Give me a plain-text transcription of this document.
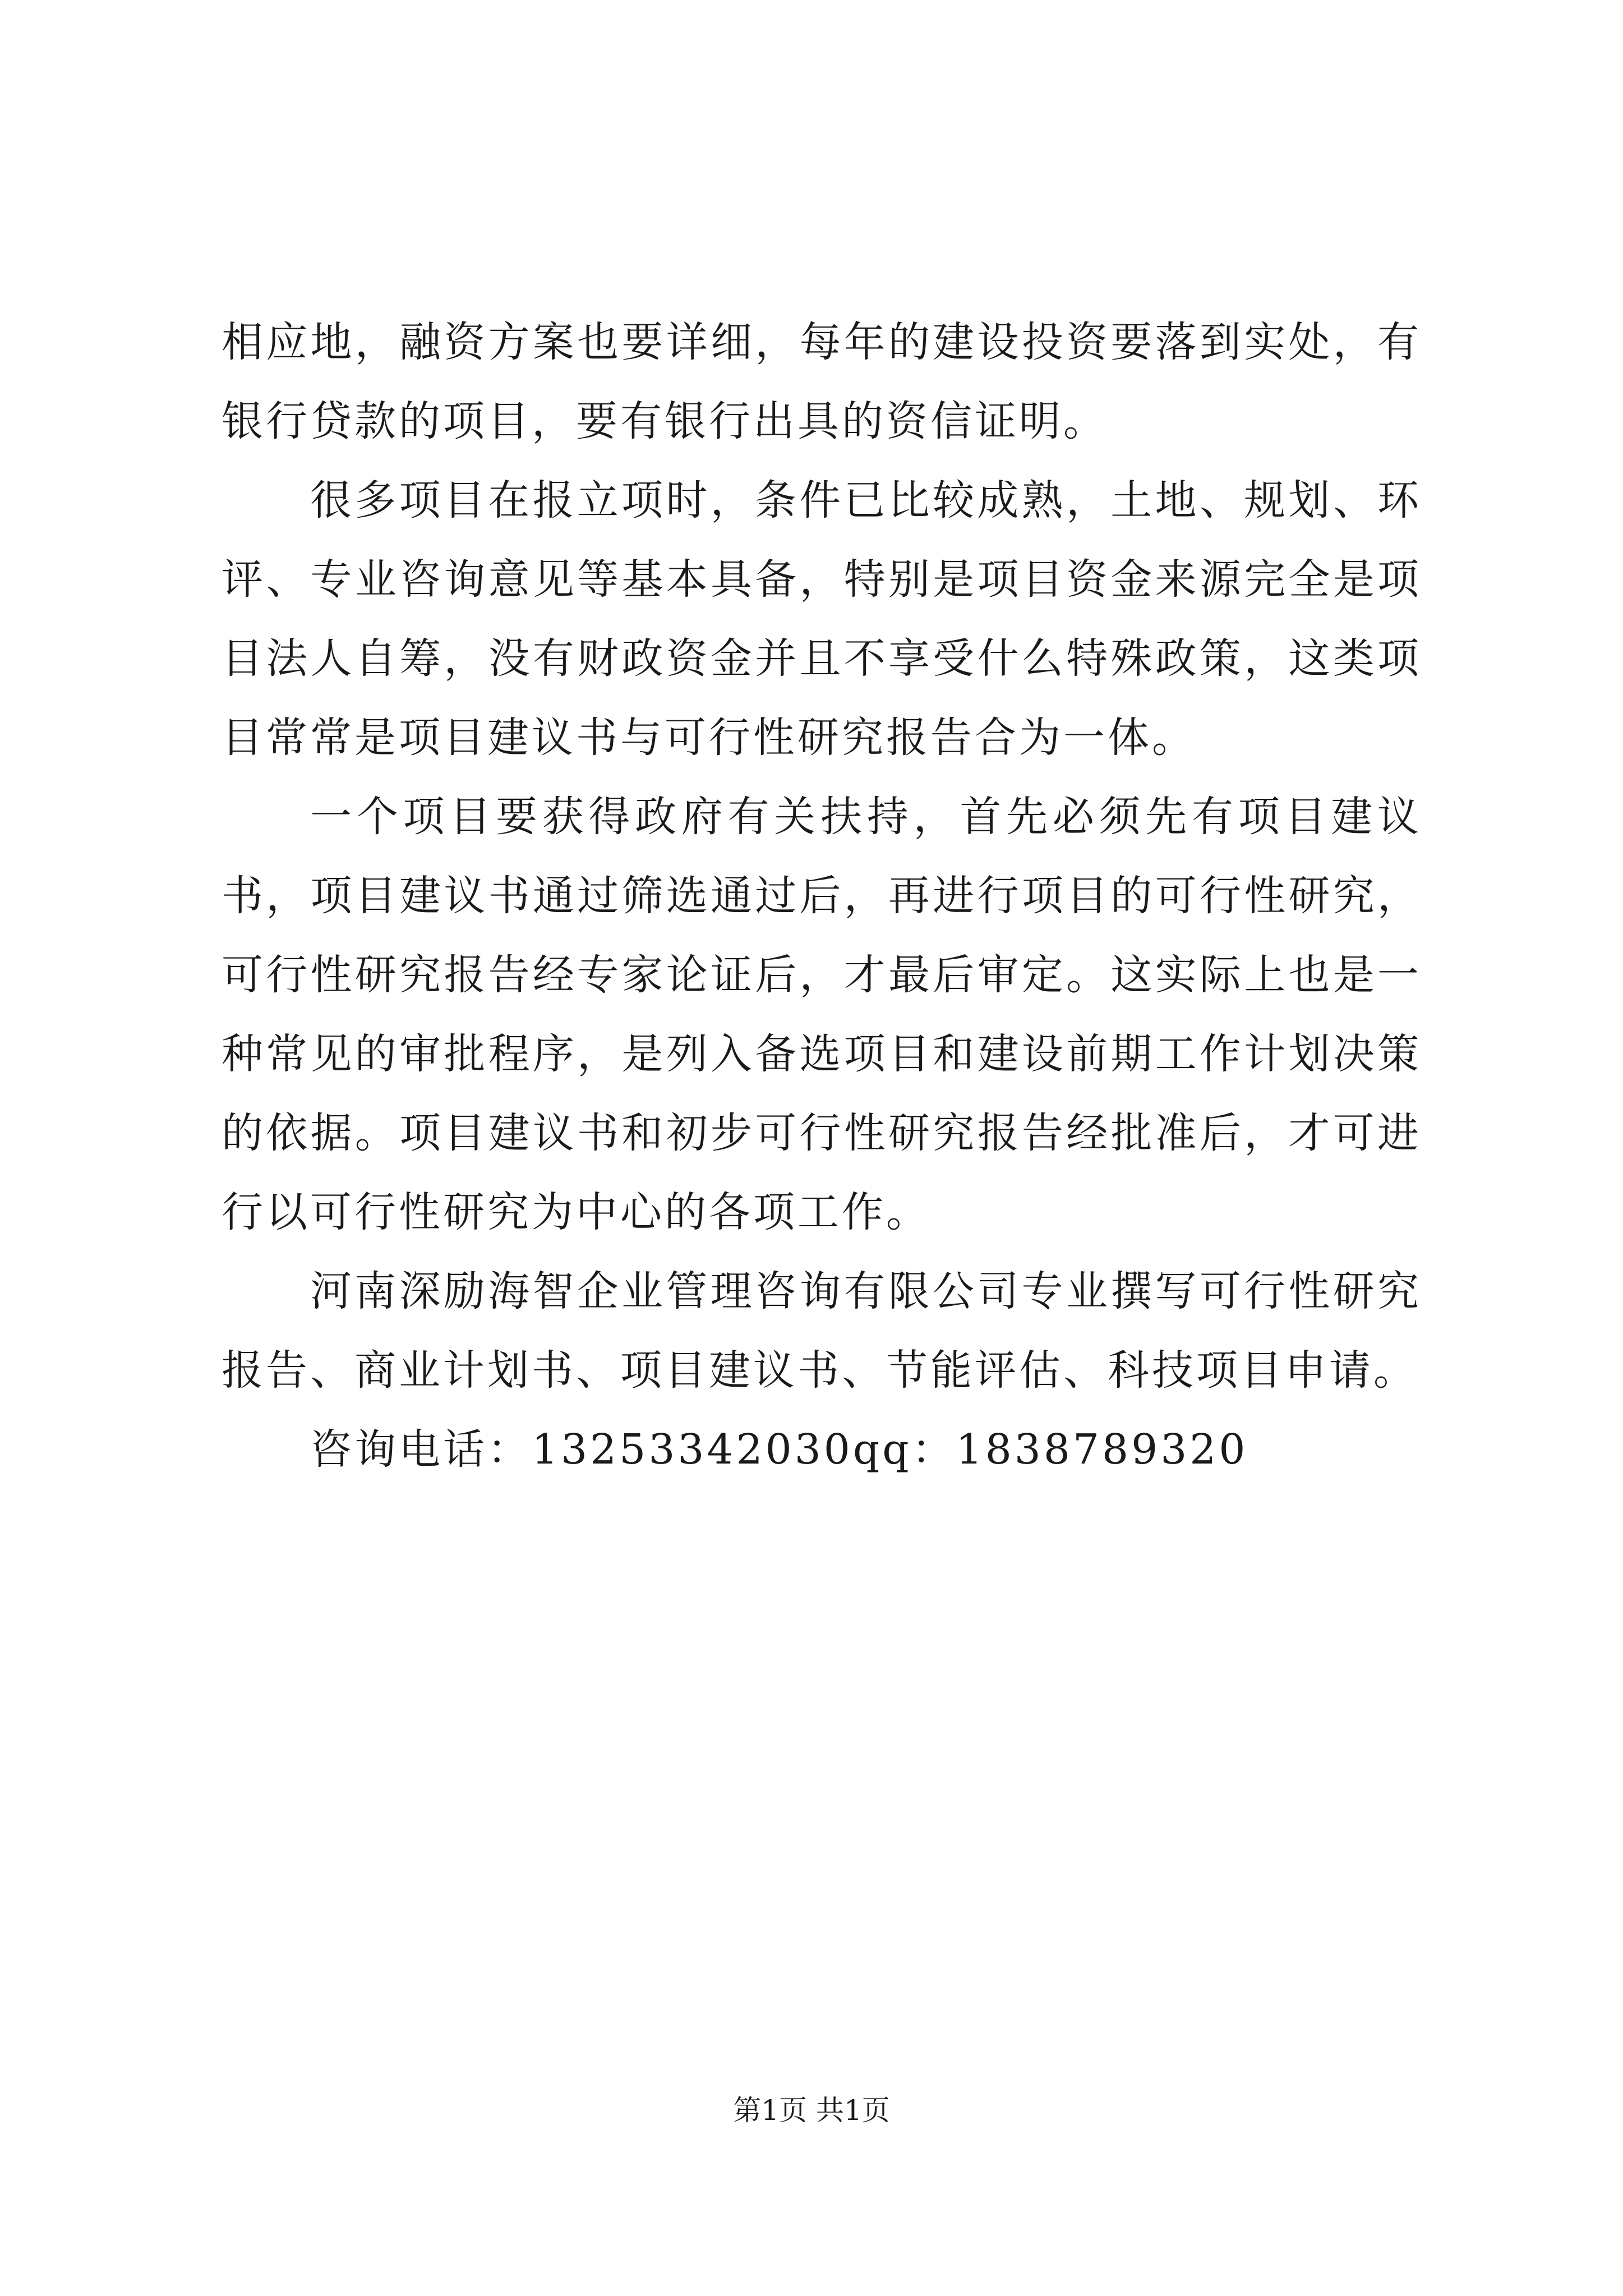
相应地，融资方案也要详细，每年的建设投资要落到实处，有银行贷款的项目，要有银行出具的资信证明。

很多项目在报立项时，条件已比较成熟，土地、规划、环评、专业咨询意见等基本具备，特别是项目资金来源完全是项目法人自筹，没有财政资金并且不享受什么特殊政策，这类项目常常是项目建议书与可行性研究报告合为一体。

一个项目要获得政府有关扶持，首先必须先有项目建议书，项目建议书通过筛选通过后，再进行项目的可行性研究，可行性研究报告经专家论证后，才最后审定。这实际上也是一种常见的审批程序，是列入备选项目和建设前期工作计划决策的依据。项目建议书和初步可行性研究报告经批准后，才可进行以可行性研究为中心的各项工作。

河南深励海智企业管理咨询有限公司专业撰写可行性研究报告、商业计划书、项目建议书、节能评估、科技项目申请。

咨询电话：13253342030qq：1838789320

第1页 共1页
